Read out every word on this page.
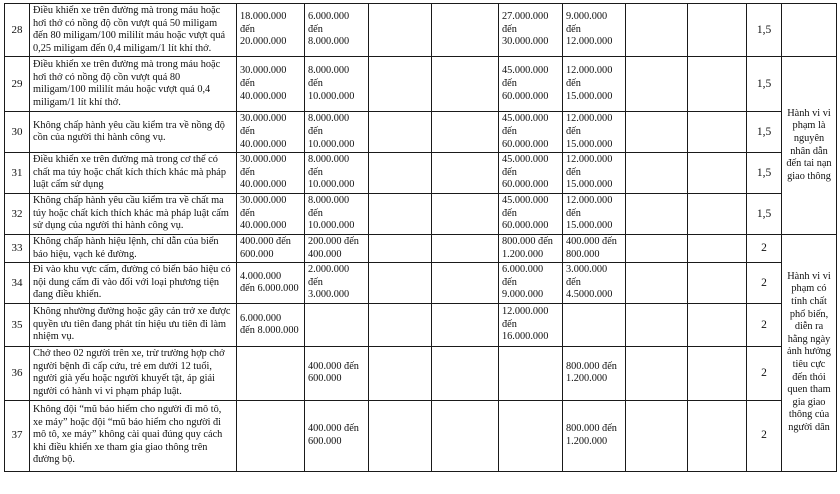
28	Điều khiển xe trên đường mà trong máu hoặc hơi thở có nồng độ cồn vượt quá 50 miligam đến 80 miligam/100 mililít máu hoặc vượt quá 0,25 miligam đến 0,4 miligam/1 lít khí thở.	18.000.000
đến
20.000.000	6.000.000
đến 8.000.000			27.000.000
đến
30.000.000	9.000.000
đến
12.000.000			1,5	
29	Điều khiển xe trên đường mà trong máu hoặc hơi thở có nồng độ cồn vượt quá 80 miligam/100 mililít máu hoặc vượt quá 0,4 miligam/1 lít khí thở.	30.000.000
đến
40.000.000	8.000.000
đến
10.000.000			45.000.000
đến
60.000.000	12.000.000
đến
15.000.000			1,5	Hành vi vi phạm là nguyên nhân dẫn đến tai nạn giao thông
30	Không chấp hành yêu cầu kiểm tra về nồng độ cồn của người thi hành công vụ.	30.000.000
đến
40.000.000	8.000.000
đến
10.000.000			45.000.000
đến
60.000.000	12.000.000
đến
15.000.000			1,5	
31	Điều khiển xe trên đường mà trong cơ thể có chất ma túy hoặc chất kích thích khác mà pháp luật cấm sử dụng	30.000.000
đến
40.000.000	8.000.000
đến
10.000.000			45.000.000
đến
60.000.000	12.000.000
đến
15.000.000			1,5	
32	Không chấp hành yêu cầu kiểm tra về chất ma túy hoặc chất kích thích khác mà pháp luật cấm sử dụng của người thi hành công vụ.	30.000.000
đến
40.000.000	8.000.000
đến
10.000.000			45.000.000
đến
60.000.000	12.000.000
đến
15.000.000			1,5	
33	Không chấp hành hiệu lệnh, chỉ dẫn của biển báo hiệu, vạch kẻ đường.	400.000 đến
600.000	200.000 đến
400.000			800.000 đến
1.200.000	400.000 đến
800.000			2	Hành vi vi phạm có tính chất phổ biến, diễn ra hằng ngày ảnh hưởng tiêu cực đến thói quen tham gia giao thông của người dân
34	Đi vào khu vực cấm, đường có biển báo hiệu có nội dung cấm đi vào đối với loại phương tiện đang điều khiển.	4.000.000
đến 6.000.000	2.000.000
đến 3.000.000			6.000.000 đến
9.000.000	3.000.000
đến
4.5000.000			2	
35	Không nhường đường hoặc gây cản trở xe được quyền ưu tiên đang phát tín hiệu ưu tiên đi làm nhiệm vụ.	6.000.000
đến 8.000.000				12.000.000
đến
16.000.000				2	
36	Chở theo 02 người trên xe, trừ trường hợp chở người bệnh đi cấp cứu, trẻ em dưới 12 tuổi, người già yếu hoặc người khuyết tật, áp giải người có hành vi vi phạm pháp luật.		400.000 đến
600.000				800.000 đến
1.200.000			2	
37	Không đội “mũ bảo hiểm cho người đi mô tô, xe máy” hoặc đội “mũ bảo hiểm cho người đi mô tô, xe máy” không cài quai đúng quy cách khi điều khiển xe tham gia giao thông trên đường bộ.		400.000 đến
600.000				800.000 đến
1.200.000			2	
